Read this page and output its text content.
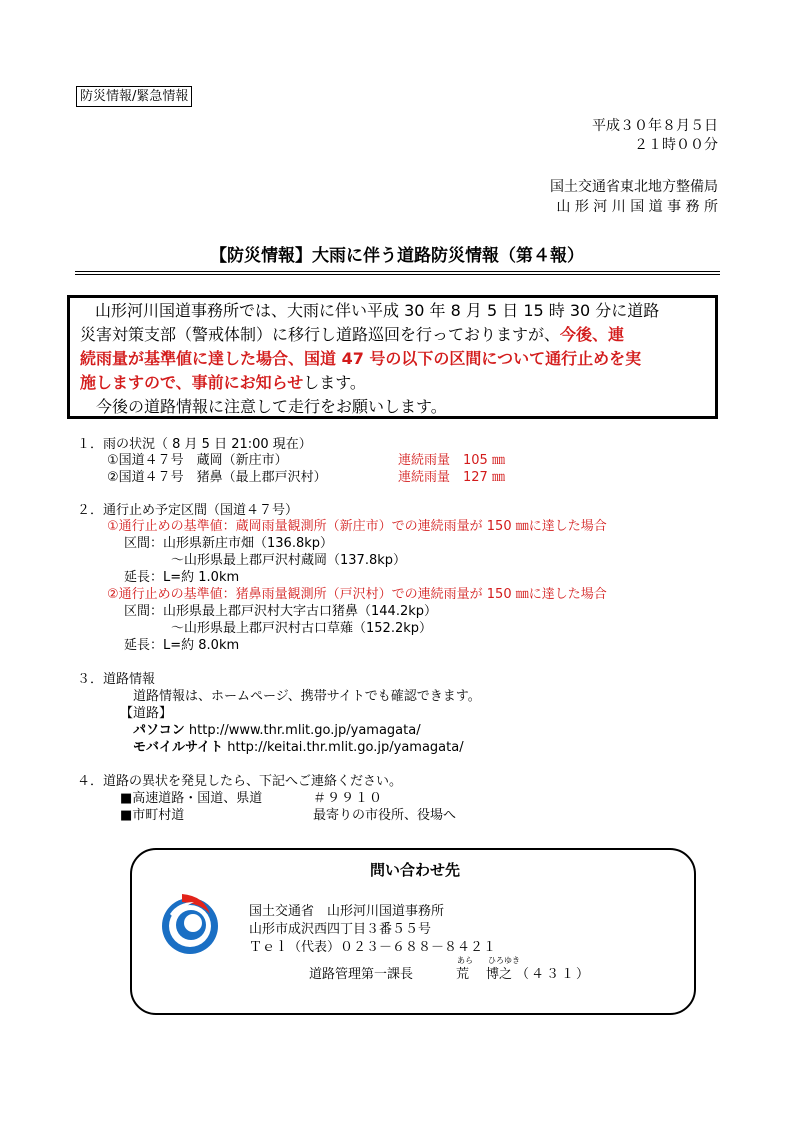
防災情報/緊急情報
平成３０年８月５日
２１時００分
国土交通省東北地方整備局
山 形 河 川 国 道 事 務 所
【防災情報】大雨に伴う道路防災情報（第４報）
山形河川国道事務所では、大雨に伴い平成 30 年 8 月 5 日 15 時 30 分に道路
災害対策支部（警戒体制）に移行し道路巡回を行っておりますが、今後、連
続雨量が基準値に達した場合、国道 47 号の以下の区間について通行止めを実
施しますので、事前にお知らせします。
今後の道路情報に注意して走行をお願いします。
１．雨の状況（ 8 月 5 日 21:00 現在）
①国道４７号　蔵岡（新庄市）	連続雨量　105 ㎜
②国道４７号　猪鼻（最上郡戸沢村）	連続雨量　127 ㎜
２．通行止め予定区間（国道４７号）
①通行止めの基準値：蔵岡雨量観測所（新庄市）での連続雨量が 150 ㎜に達した場合
区間：山形県新庄市畑（136.8kp）
～山形県最上郡戸沢村蔵岡（137.8kp）
延長：L=約 1.0km
②通行止めの基準値：猪鼻雨量観測所（戸沢村）での連続雨量が 150 ㎜に達した場合
区間：山形県最上郡戸沢村大字古口猪鼻（144.2kp）
～山形県最上郡戸沢村古口草薙（152.2kp）
延長：L=約 8.0km
３．道路情報
道路情報は、ホームページ、携帯サイトでも確認できます。
【道路】
パソコン http://www.thr.mlit.go.jp/yamagata/
モバイルサイト http://keitai.thr.mlit.go.jp/yamagata/
４．道路の異状を発見したら、下記へご連絡ください。
■高速道路・国道、県道	＃９９１０
■市町村道	最寄りの市役所、役場へ
問い合わせ先
国土交通省　山形河川国道事務所
山形市成沢西四丁目３番５５号
Ｔｅｌ（代表）０２３－６８８－８４２１
道路管理第一課長
あら
荒
ひろゆき
博之 （４３１）
